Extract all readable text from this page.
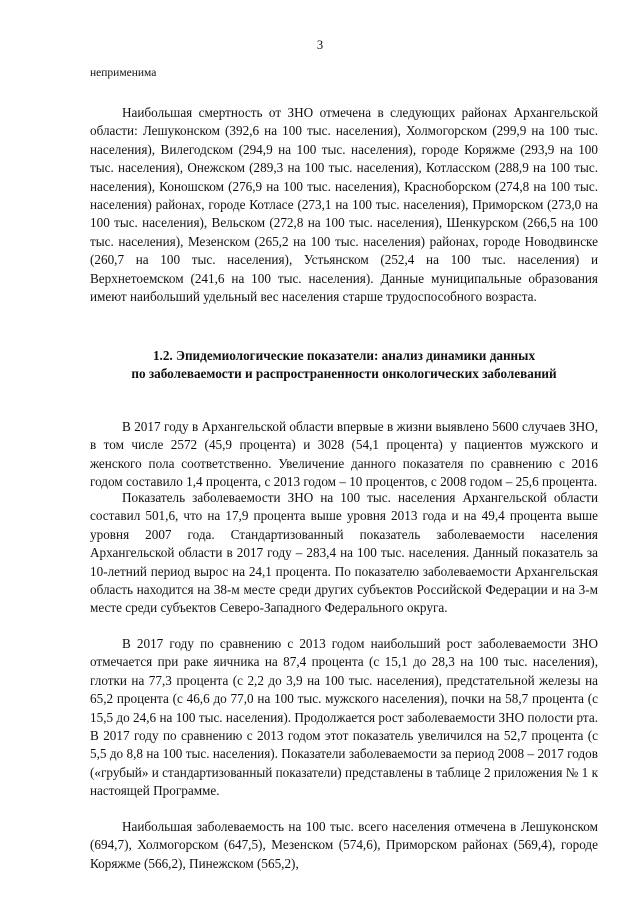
3
неприменима

Наибольшая смертность от ЗНО отмечена в следующих районах Архангельской области: Лешуконском (392,6 на 100 тыс. населения), Холмогорском (299,9 на 100 тыс. населения), Вилегодском (294,9 на 100 тыс. населения), городе Коряжме (293,9 на 100 тыс. населения), Онежском (289,3 на 100 тыс. населения), Котласском (288,9 на 100 тыс. населения), Коношском (276,9 на 100 тыс. населения), Красноборском (274,8 на 100 тыс. населения) районах, городе Котласе (273,1 на 100 тыс. населения), Приморском (273,0 на 100 тыс. населения), Вельском (272,8 на 100 тыс. населения), Шенкурском (266,5 на 100 тыс. населения), Мезенском (265,2 на 100 тыс. населения) районах, городе Новодвинске (260,7 на 100 тыс. населения), Устьянском (252,4 на 100 тыс. населения) и Верхнетоемском (241,6 на 100 тыс. населения). Данные муниципальные образования имеют наибольший удельный вес населения старше трудоспособного возраста.

1.2. Эпидемиологические показатели: анализ динамики данных
по заболеваемости и распространенности онкологических заболеваний

В 2017 году в Архангельской области впервые в жизни выявлено 5600 случаев ЗНО, в том числе 2572 (45,9 процента) и 3028 (54,1 процента) у пациентов мужского и женского пола соответственно. Увеличение данного показателя по сравнению с 2016 годом составило 1,4 процента, с 2013 годом – 10 процентов, с 2008 годом – 25,6 процента.

Показатель заболеваемости ЗНО на 100 тыс. населения Архангельской области составил 501,6, что на 17,9 процента выше уровня 2013 года и на 49,4 процента выше уровня 2007 года. Стандартизованный показатель заболеваемости населения Архангельской области в 2017 году – 283,4 на 100 тыс. населения. Данный показатель за 10-летний период вырос на 24,1 процента. По показателю заболеваемости Архангельская область находится на 38-м месте среди других субъектов Российской Федерации и на 3-м месте среди субъектов Северо-Западного Федерального округа.

В 2017 году по сравнению с 2013 годом наибольший рост заболеваемости ЗНО отмечается при раке яичника на 87,4 процента (с 15,1 до 28,3 на 100 тыс. населения), глотки на 77,3 процента (с 2,2 до 3,9 на 100 тыс. населения), предстательной железы на 65,2 процента (с 46,6 до 77,0 на 100 тыс. мужского населения), почки на 58,7 процента (с 15,5 до 24,6 на 100 тыс. населения). Продолжается рост заболеваемости ЗНО полости рта. В 2017 году по сравнению с 2013 годом этот показатель увеличился на 52,7 процента (с 5,5 до 8,8 на 100 тыс. населения). Показатели заболеваемости за период 2008 – 2017 годов («грубый» и стандартизованный показатели) представлены в таблице 2 приложения № 1 к настоящей Программе.

Наибольшая заболеваемость на 100 тыс. всего населения отмечена в Лешуконском (694,7), Холмогорском (647,5), Мезенском (574,6), Приморском районах (569,4), городе Коряжме (566,2), Пинежском (565,2),
